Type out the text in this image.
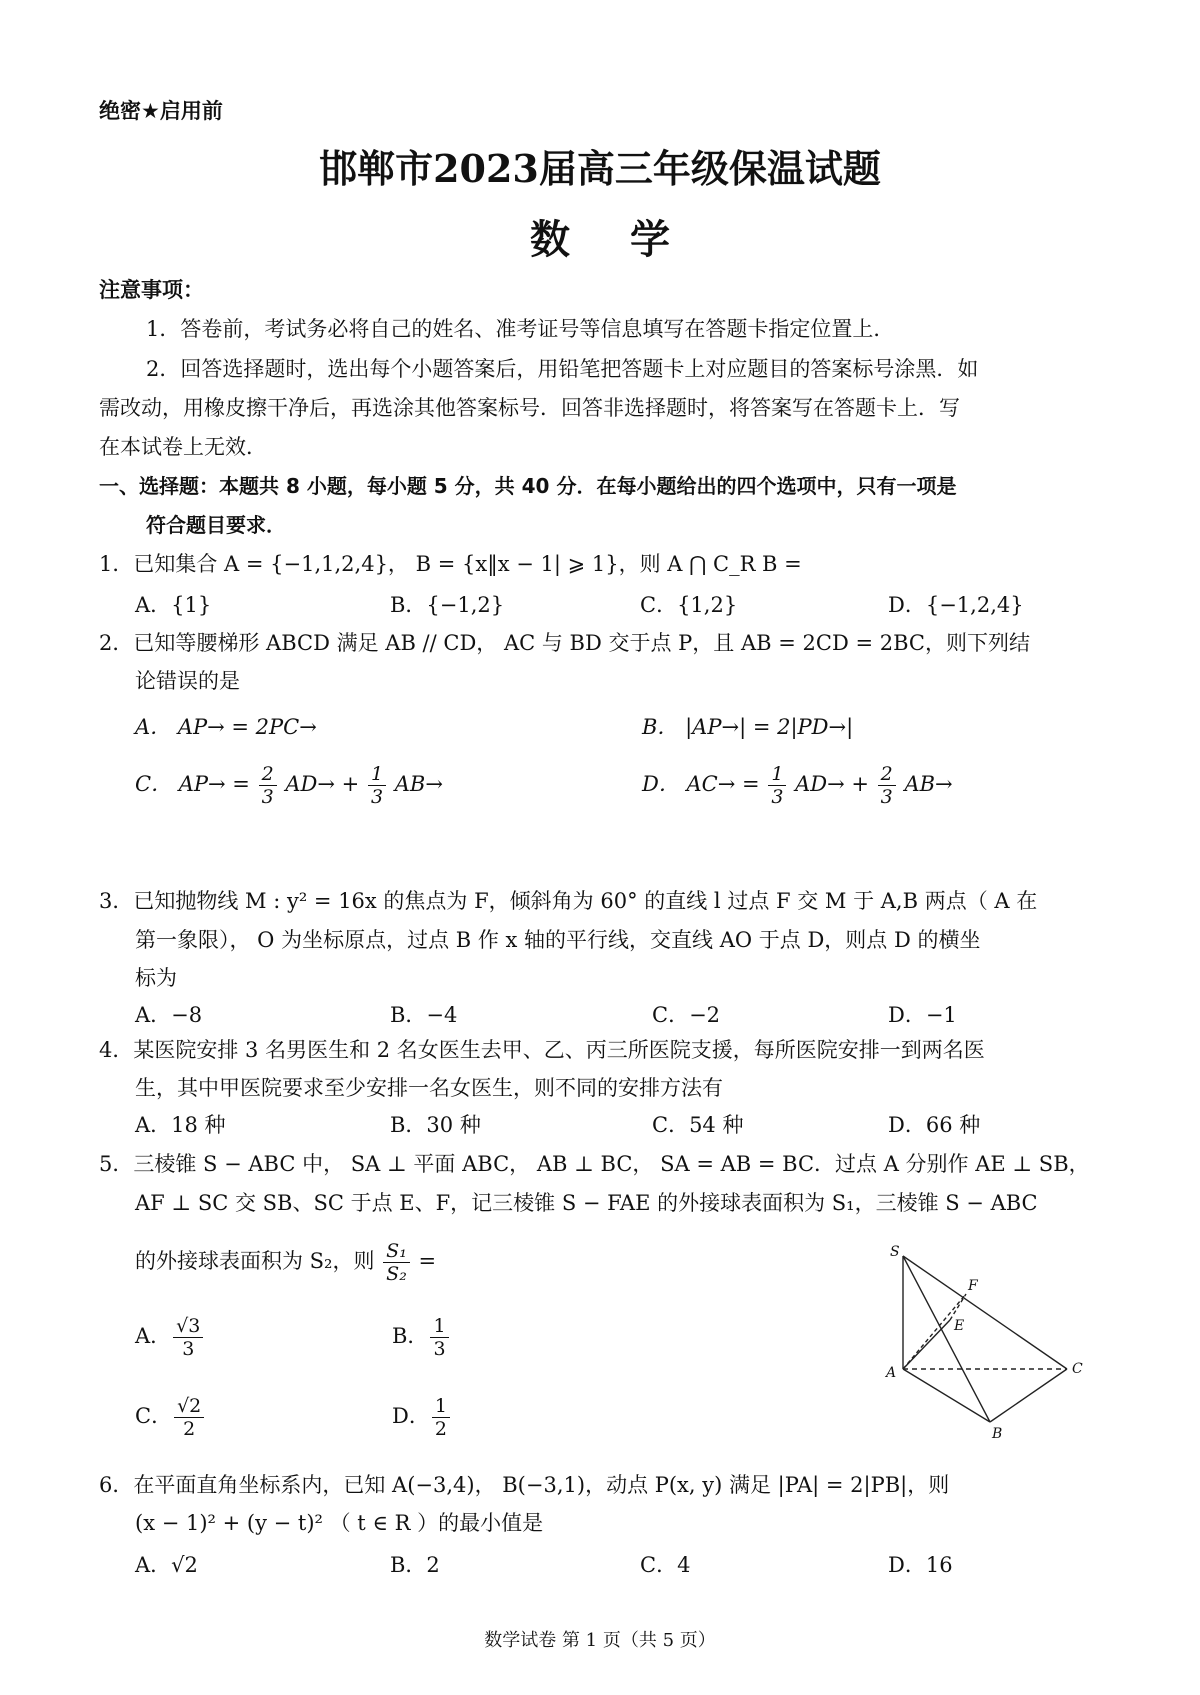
绝密★启用前
邯郸市2023届高三年级保温试题
数学
注意事项：
1．答卷前，考试务必将自己的姓名、准考证号等信息填写在答题卡指定位置上．
2．回答选择题时，选出每个小题答案后，用铅笔把答题卡上对应题目的答案标号涂黑．如
需改动，用橡皮擦干净后，再选涂其他答案标号．回答非选择题时，将答案写在答题卡上．写
在本试卷上无效．
一、选择题：本题共 8 小题，每小题 5 分，共 40 分．在每小题给出的四个选项中，只有一项是
符合题目要求．
1．已知集合 A = {−1,1,2,4}， B = {x‖x − 1| ⩾ 1}，则 A ⋂ C_R B =
A．{1}	B．{−1,2}	C．{1,2}	D．{−1,2,4}
2．已知等腰梯形 ABCD 满足 AB // CD， AC 与 BD 交于点 P，且 AB = 2CD = 2BC，则下列结
论错误的是
A． AP→ = 2PC→	B． |AP→| = 2|PD→|
C． $AP\to = \frac{2}{3} AD\to + \frac{1}{3} AB\to$	D． $AC\to = \frac{1}{3} AD\to + \frac{2}{3} AB\to$
3．已知抛物线 M : y² = 16x 的焦点为 F，倾斜角为 60° 的直线 l 过点 F 交 M 于 A,B 两点（ A 在
第一象限）， O 为坐标原点，过点 B 作 x 轴的平行线，交直线 AO 于点 D，则点 D 的横坐
标为
A．−8	B．−4	C．−2	D．−1
4．某医院安排 3 名男医生和 2 名女医生去甲、乙、丙三所医院支援，每所医院安排一到两名医
生，其中甲医院要求至少安排一名女医生，则不同的安排方法有
A．18 种	B．30 种	C．54 种	D．66 种
5．三棱锥 S − ABC 中， SA ⊥ 平面 ABC， AB ⊥ BC， SA = AB = BC．过点 A 分别作 AE ⊥ SB，
AF ⊥ SC 交 SB、SC 于点 E、F，记三棱锥 S − FAE 的外接球表面积为 S₁，三棱锥 S − ABC
的外接球表面积为 S₂，则 $\frac{\text{S₁}}{\text{S₂}}$ =
A． $\frac{√3}{3}$	B． $\frac{1}{3}$
C． $\frac{√2}{2}$	D． $\frac{1}{2}$
S
F
E
A	C
B
6．在平面直角坐标系内，已知 A(−3,4)， B(−3,1)，动点 P(x, y) 满足 |PA| = 2|PB|，则
(x − 1)² + (y − t)² （ t ∈ R ）的最小值是
A．√2	B．2	C．4	D．16
数学试卷 第 1 页（共 5 页）
